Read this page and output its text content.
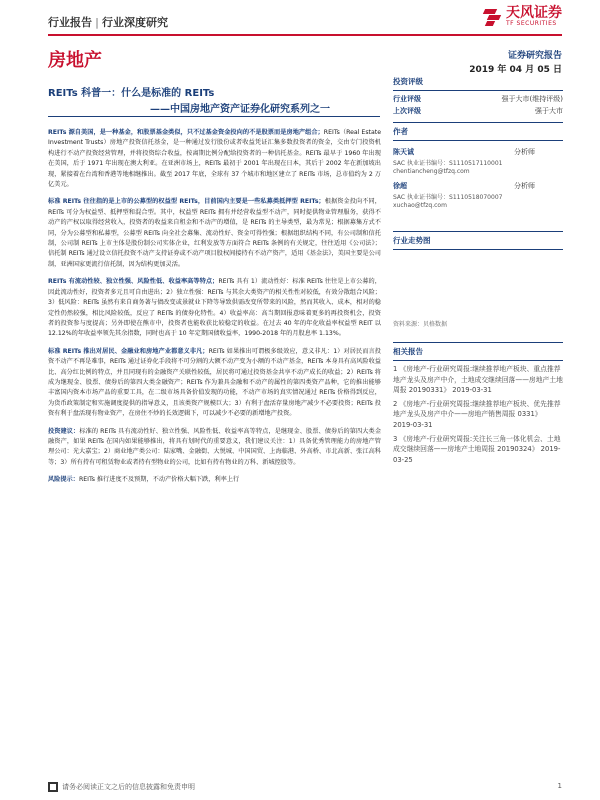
行业报告 | 行业深度研究
天风证券
TF SECURITIES
房地产	证券研究报告
2019 年 04 月 05 日
REITs 科普一：什么是标准的 REITs
——中国房地产资产证券化研究系列之一

REITs 源自美国，是一种基金，和股票基金类似，只不过基金资金投向的不是股票而是房地产组合；REITs（Real Estate Investment Trusts）房地产投资信托基金，是一种通过发行股份或者收益凭证汇集多数投资者的资金，交由专门投资机构进行不动产投资经营管理，并将投资综合收益，按离期比例分配给投资者的一种信托基金。REITs 最早于 1960 年出现在美国，后于 1971 年出现在澳大利亚。在亚洲市场上，REITs 最初于 2001 年出现在日本，其后于 2002 年在新加坡出现，紧接着在台湾和香港等地相继推出。截至 2017 年底，全球有 37 个城市和地区建立了 REITs 市场，总市值约为 2 万亿美元。

标准 REITs 往往指的是上市的公募型的权益型 REITs，目前国内主要是一些私募类抵押型 REITs；根据资金投向不同，REITs 可分为权益型、抵押型和混合型。其中，权益型 REITs 拥有并经营收益型不动产，同时提供物业管理服务，获得不动产的产权以取得经营收入，投资者的收益来自租金和不动产的增值，是 REITs 的主导类型，最为常见；根据募集方式不同，分为公募型和私募型，公募型 REITs 向全社会募集、流动性好、资金可得性强；根据组织结构不同，有公司制和信托制，公司制 REITs 上市主体是股份制公司实体企业，红利发放等方面符合 REITs 条例的有关规定，往往适用《公司法》；信托制 REITs 通过设立信托投资不动产支持证券或不动产项目股权间接持有不动产资产，适用《基金法》，美国主要是公司制，亚洲国家更流行信托制，因为结构更加灵活。

REITs 有流动性较、独立性强、风险性低、收益率高等特点；REITs 具有 1）流动性好：标准 REITs 往往是上市公募的，因此流动性好，投资者多元且可自由进出；2）独立性强：REITs 与其余大类资产的相关性性对较低，有效分散组合风险；3）低风险：REITs 虽然有来自商务著与债改变或景就业下降等导致供需改变所带来的风险，然而其收入、成本，相对的稳定性仍然较强，相比风险较低，反应了 REITs 的债券化特性。4）收益率高：高当期回报意味着更多的再投资机会，投资者的投资参与度提高；另外即使在熊市中，投资者也能收获比较稳定的收益。在过去 40 年的年化收益率权益型 REIT 以 12.12%的年收益率领先其余指数，同时也高于 10 年定期国债收益率，1990-2018 年的月股息率 1.13%。

标准 REITs 推出对居民、金融业和房地产业都意义非凡；REITs 如果推出可谓极多级效应，意义非凡：1）对居民而言投资不动产不再是难事，REITs 通过证券化手段将不可分割的大额不动产变为小额的不动产基金，REITs 本身具有高风险收益比、高分红比例的特点，并且同现有的金融资产关联性较低，居民将可通过投资基金共享不动产成长的收益；2）REITs 将成为继现金、股票、债券后的第四大类金融资产；REITs 作为兼具金融和不动产的属性的第四类资产品种，它的推出能够丰富国内资本市场产品的重要工具，在二级市场具备价值发现的功能，不动产市场的真实情况通过 REITs 价格得到反应，为货币政策制定和实施调度提供的指导意义，且该类资产规模巨大；3）有利于盘活存量房地产减少不必要投资；REITs 投资有利于盘活现有物业资产，在房住不炒的长效逻辑下，可以减少不必要的新增地产投资。

投资建议：标准的 REITs 具有流动性好、独立性强、风险性低、收益率高等特点，是继现金、股票、债券后的第四大类金融资产，如果 REITs 在国内如果能够推出，将具有划时代的重要意义，我们建议关注：1）具备优秀管理能力的房地产管理公司：光大嘉宝；2）商业地产类公司：陆家嘴、金融街、大悦城、中国国贸、上海临港、外高桥、市北高新、张江高科等；3）所有持有可租赁物业或者持有型物业的公司，比如有持有物业的万科、新城控股等。

风险提示：REITs 推行进度不及预期，不动产价格大幅下跌，利率上行

投资评级
行业评级	强于大市(维持评级)
上次评级	强于大市
作者
陈天诚	分析师
SAC 执业证书编号：S1110517110001
chentiancheng@tfzq.com
徐超	分析师
SAC 执业证书编号：S1110518070007
xuchao@tfzq.com
行业走势图
资料来源：贝格数据
相关报告

1 《房地产-行业研究周报:继续推荐地产板块、重点推荐地产龙头及房产中介，土地成交继续回落——房地产土地周报 20190331》 2019-03-31

2 《房地产-行业研究周报:继续推荐地产板块、优先推荐地产龙头及房产中介——房地产销售周报 0331》 2019-03-31

3 《房地产-行业研究周报:关注长三角一体化机会、土地成交继续回落——房地产土地周报 20190324》 2019-03-25

请务必阅读正文之后的信息披露和免责申明	1
